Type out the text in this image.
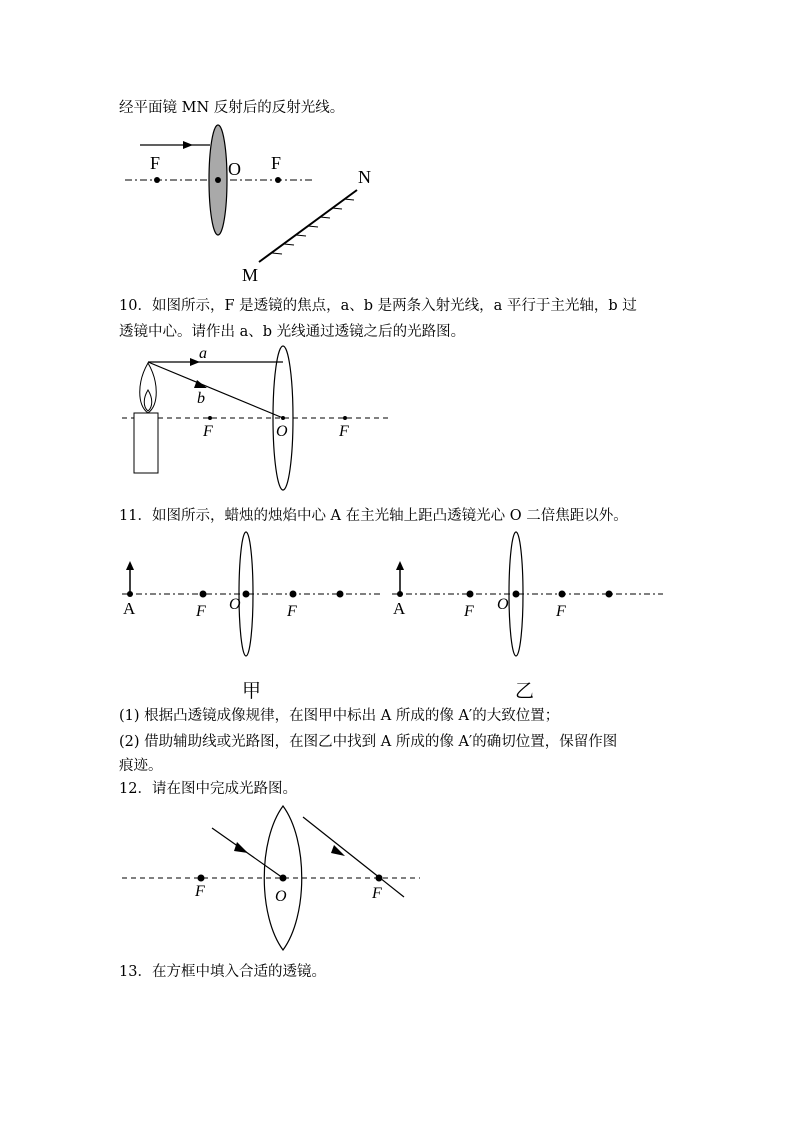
经平面镜 MN 反射后的反射光线。
F	O F
N
M
10．如图所示，F 是透镜的焦点，a、b 是两条入射光线，a 平行于主光轴，b 过
透镜中心。请作出 a、b 光线通过透镜之后的光路图。
a
b
F	O	F
11．如图所示，蜡烛的烛焰中心 A 在主光轴上距凸透镜光心 O 二倍焦距以外。
A	F O	F	A	F O	F
甲	乙
(1) 根据凸透镜成像规律，在图甲中标出 A 所成的像 A′的大致位置；
(2) 借助辅助线或光路图，在图乙中找到 A 所成的像 A′的确切位置，保留作图
痕迹。
12．请在图中完成光路图。
F	O	F
13．在方框中填入合适的透镜。
